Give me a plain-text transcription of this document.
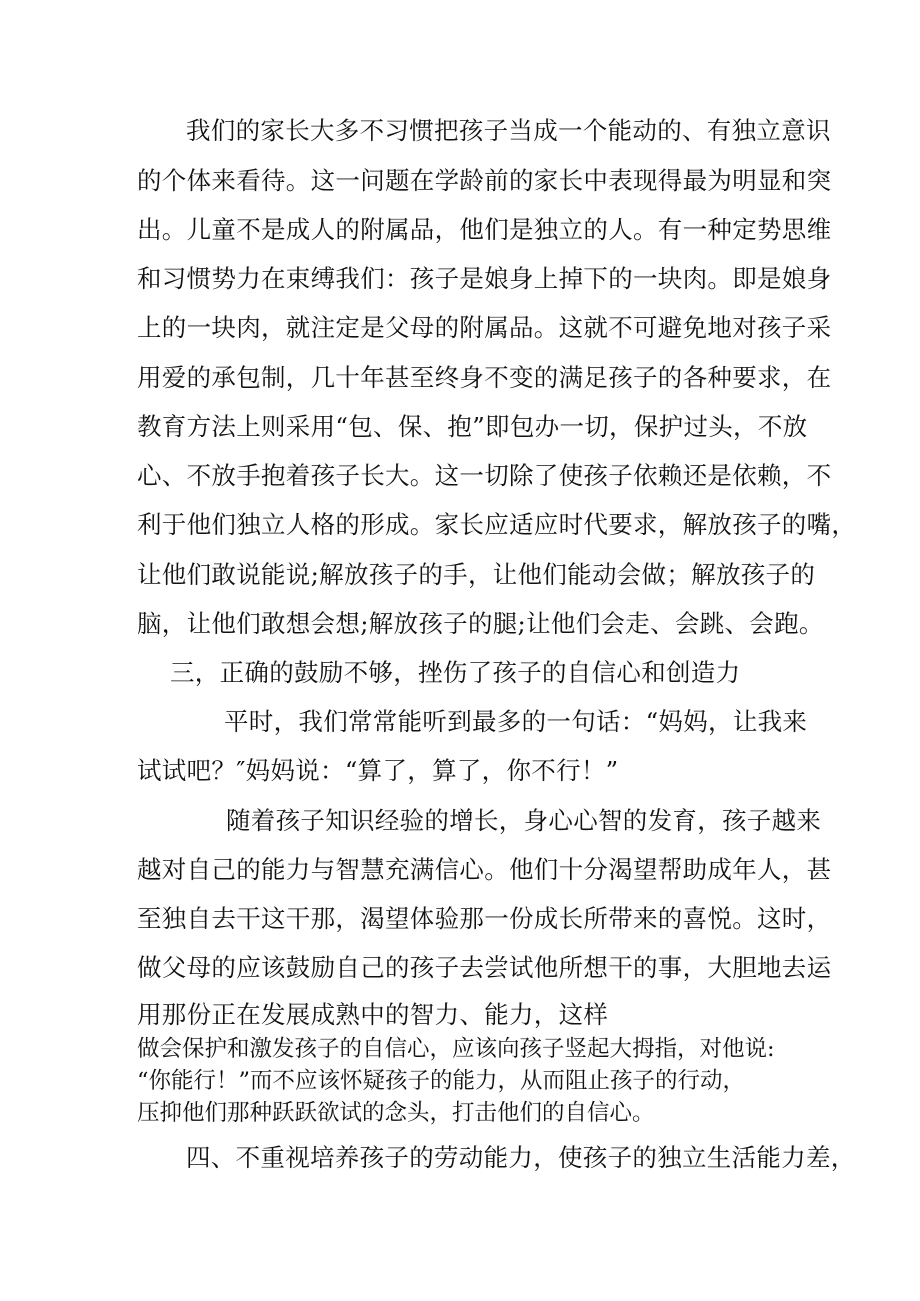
我们的家长大多不习惯把孩子当成一个能动的、有独立意识
的个体来看待。这一问题在学龄前的家长中表现得最为明显和突
出。儿童不是成人的附属品，他们是独立的人。有一种定势思维
和习惯势力在束缚我们：孩子是娘身上掉下的一块肉。即是娘身
上的一块肉，就注定是父母的附属品。这就不可避免地对孩子采
用爱的承包制，几十年甚至终身不变的满足孩子的各种要求，在
教育方法上则采用“包、保、抱”即包办一切，保护过头，不放
心、不放手抱着孩子长大。这一切除了使孩子依赖还是依赖，不
利于他们独立人格的形成。家长应适应时代要求，解放孩子的嘴，
让他们敢说能说;解放孩子的手，让他们能动会做；解放孩子的
脑，让他们敢想会想;解放孩子的腿;让他们会走、会跳、会跑。
三，正确的鼓励不够，挫伤了孩子的自信心和创造力
平时，我们常常能听到最多的一句话：“妈妈，让我来
试试吧？″妈妈说：“算了，算了，你不行！”
随着孩子知识经验的增长，身心心智的发育，孩子越来
越对自己的能力与智慧充满信心。他们十分渴望帮助成年人，甚
至独自去干这干那，渴望体验那一份成长所带来的喜悦。这时，
做父母的应该鼓励自己的孩子去尝试他所想干的事，大胆地去运
用那份正在发展成熟中的智力、能力，这样
做会保护和激发孩子的自信心，应该向孩子竖起大拇指，对他说:
“你能行！”而不应该怀疑孩子的能力，从而阻止孩子的行动，
压抑他们那种跃跃欲试的念头，打击他们的自信心。
四、不重视培养孩子的劳动能力，使孩子的独立生活能力差，
